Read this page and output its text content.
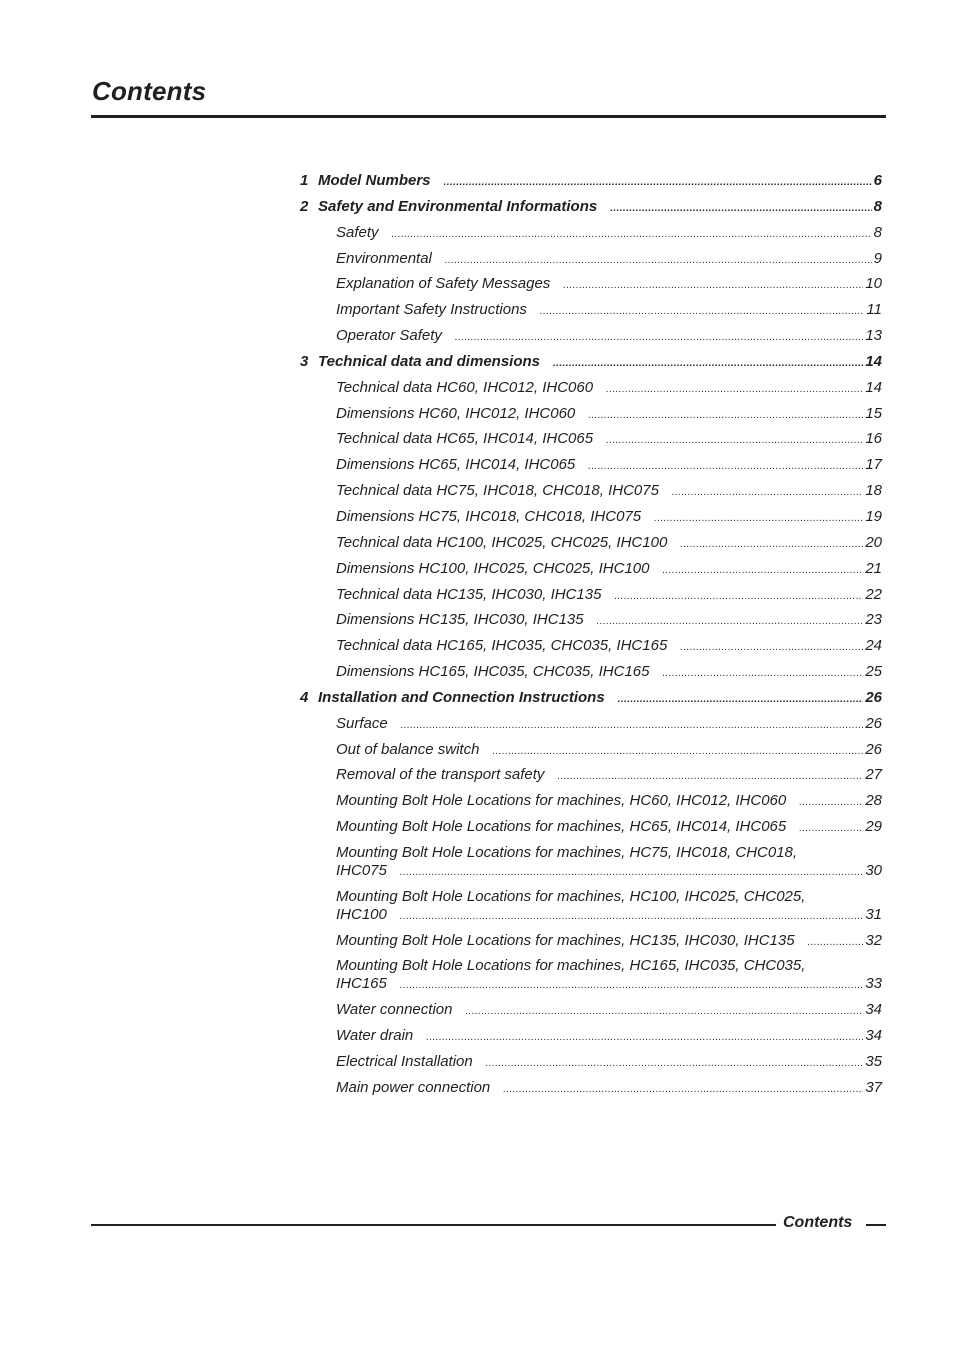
Contents
1 Model Numbers .....	6
2 Safety and Environmental Informations .....	8
Safety .....	8
Environmental .....	9
Explanation of Safety Messages .....	10
Important Safety Instructions .....	11
Operator Safety .....	13
3 Technical data and dimensions .....	14
Technical data HC60, IHC012, IHC060 .....	14
Dimensions HC60, IHC012, IHC060 .....	15
Technical data HC65, IHC014, IHC065 .....	16
Dimensions HC65, IHC014, IHC065 .....	17
Technical data HC75, IHC018, CHC018, IHC075 .....	18
Dimensions HC75, IHC018, CHC018, IHC075 .....	19
Technical data HC100, IHC025, CHC025, IHC100 .....	20
Dimensions HC100, IHC025, CHC025, IHC100 .....	21
Technical data HC135, IHC030, IHC135 .....	22
Dimensions HC135, IHC030, IHC135 .....	23
Technical data HC165, IHC035, CHC035, IHC165 .....	24
Dimensions HC165, IHC035, CHC035, IHC165 .....	25
4 Installation and Connection Instructions .....	26
Surface .....	26
Out of balance switch .....	26
Removal of the transport safety .....	27
Mounting Bolt Hole Locations for machines, HC60, IHC012, IHC060 .....	28
Mounting Bolt Hole Locations for machines, HC65, IHC014, IHC065 .....	29
Mounting Bolt Hole Locations for machines, HC75, IHC018, CHC018,
IHC075 .....	30
Mounting Bolt Hole Locations for machines, HC100, IHC025, CHC025,
IHC100 .....	31
Mounting Bolt Hole Locations for machines, HC135, IHC030, IHC135 .....	32
Mounting Bolt Hole Locations for machines, HC165, IHC035, CHC035,
IHC165 .....	33
Water connection .....	34
Water drain .....	34
Electrical Installation .....	35
Main power connection .....	37
Contents
